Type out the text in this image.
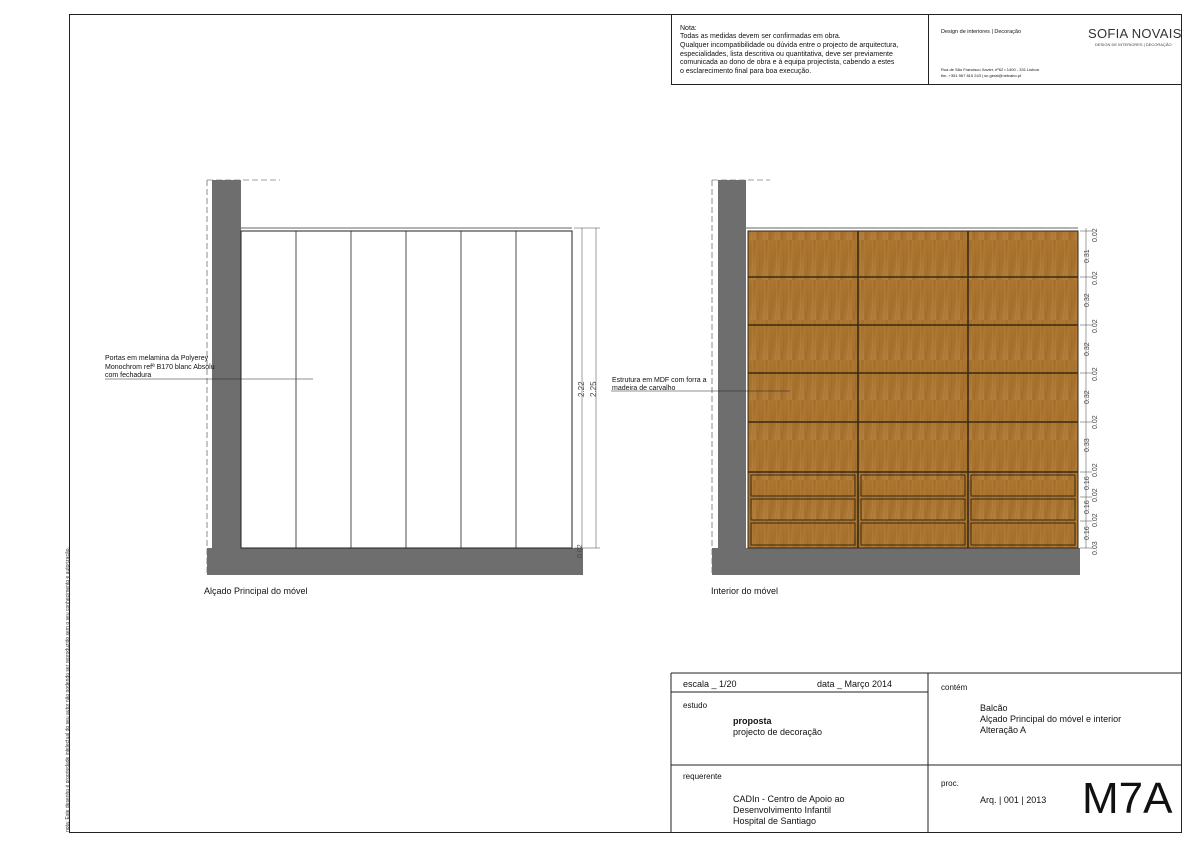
nota: Este desenho é propriedade intelectual do seu autor não podendo ser reproduzido sem o seu conhecimento e autorização.
Nota:
Todas as medidas devem ser confirmadas em obra.
Qualquer incompatibilidade ou dúvida entre o projecto de arquitectura,
especialidades, lista descritiva ou quantitativa, deve ser previamente
comunicada ao dono de obra e à equipa projectista, cabendo a estes
o esclarecimento final para boa execução.
Design de interiores | Decoração	SOFIA NOVAIS
DESIGN DE INTERIORES | DECORAÇÃO
Rua de São Francisco Xavier, nº62 • 1400 - 331 Lisboa
tlm. +351 967 815 243 | sn.geral@netcabo.pt
Portas em melamina da Polyerey
Monochrom refª B170 blanc Absolu
com fechadura
2.22 2.25
0.02
Estrutura em MDF com forra a
madeira de carvalho
0.02
0.31
0.02
0.32
0.02
0.32
0.02
0.32
0.02
0.33
0.02
0.16
0.02
0.16
0.02
0.16
0.03
Alçado Principal do móvel	Interior do móvel
escala _ 1/20	data _ Março 2014
estudo
proposta
projecto de decoração
contém
Balcão
Alçado Principal do móvel e interior
Alteração A
requerente
CADIn - Centro de Apoio ao
Desenvolvimento Infantil
Hospital de Santiago
proc.
Arq. | 001 | 2013 M7A
